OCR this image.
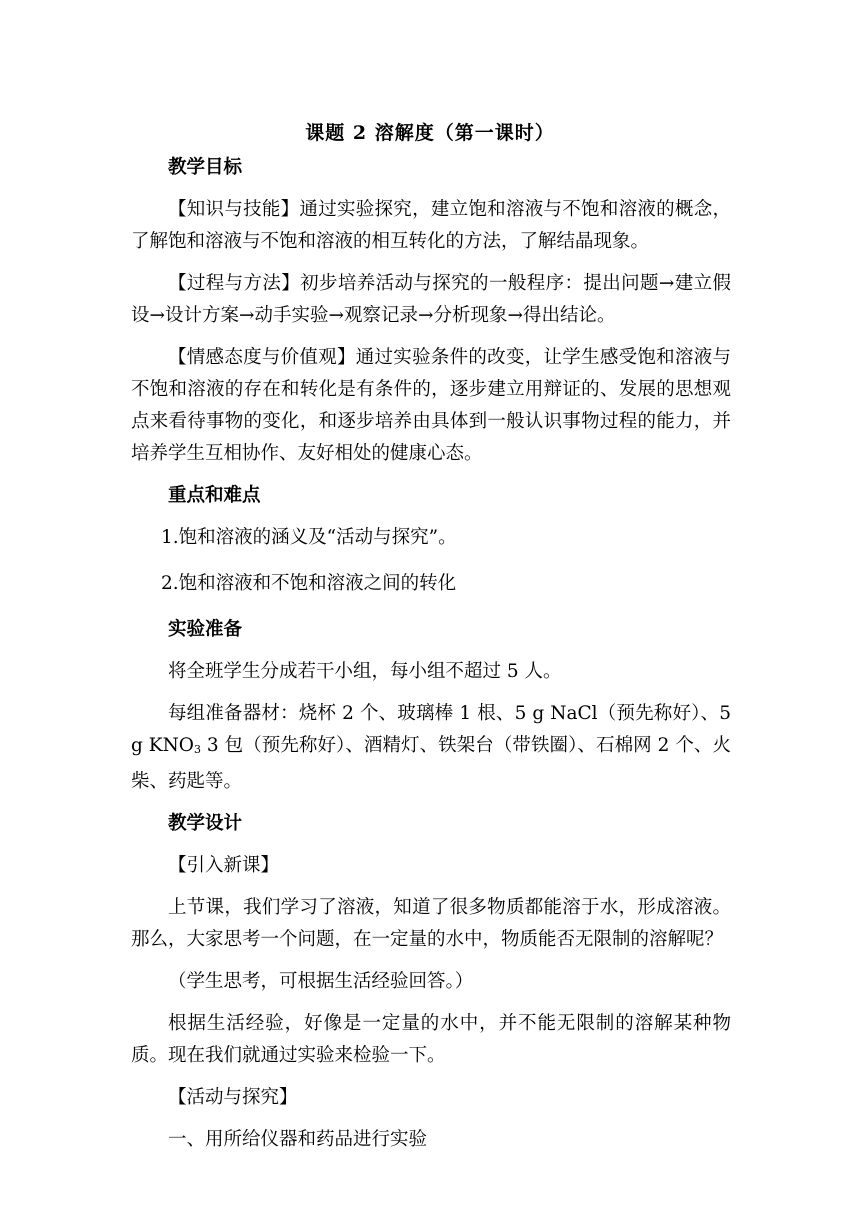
课题 2 溶解度（第一课时）
教学目标

【知识与技能】通过实验探究，建立饱和溶液与不饱和溶液的概念，了解饱和溶液与不饱和溶液的相互转化的方法，了解结晶现象。

【过程与方法】初步培养活动与探究的一般程序：提出问题→建立假设→设计方案→动手实验→观察记录→分析现象→得出结论。

【情感态度与价值观】通过实验条件的改变，让学生感受饱和溶液与不饱和溶液的存在和转化是有条件的，逐步建立用辩证的、发展的思想观点来看待事物的变化，和逐步培养由具体到一般认识事物过程的能力，并培养学生互相协作、友好相处的健康心态。

重点和难点
1.饱和溶液的涵义及“活动与探究”。
2.饱和溶液和不饱和溶液之间的转化
实验准备

将全班学生分成若干小组，每小组不超过 5 人。

每组准备器材：烧杯 2 个、玻璃棒 1 根、5 g NaCl（预先称好）、5 g $KNO_3$ 3 包（预先称好）、酒精灯、铁架台（带铁圈）、石棉网 2 个、火柴、药匙等。

教学设计

【引入新课】

上节课，我们学习了溶液，知道了很多物质都能溶于水，形成溶液。那么，大家思考一个问题，在一定量的水中，物质能否无限制的溶解呢？

（学生思考，可根据生活经验回答。）

根据生活经验，好像是一定量的水中，并不能无限制的溶解某种物质。现在我们就通过实验来检验一下。

【活动与探究】

一、用所给仪器和药品进行实验
